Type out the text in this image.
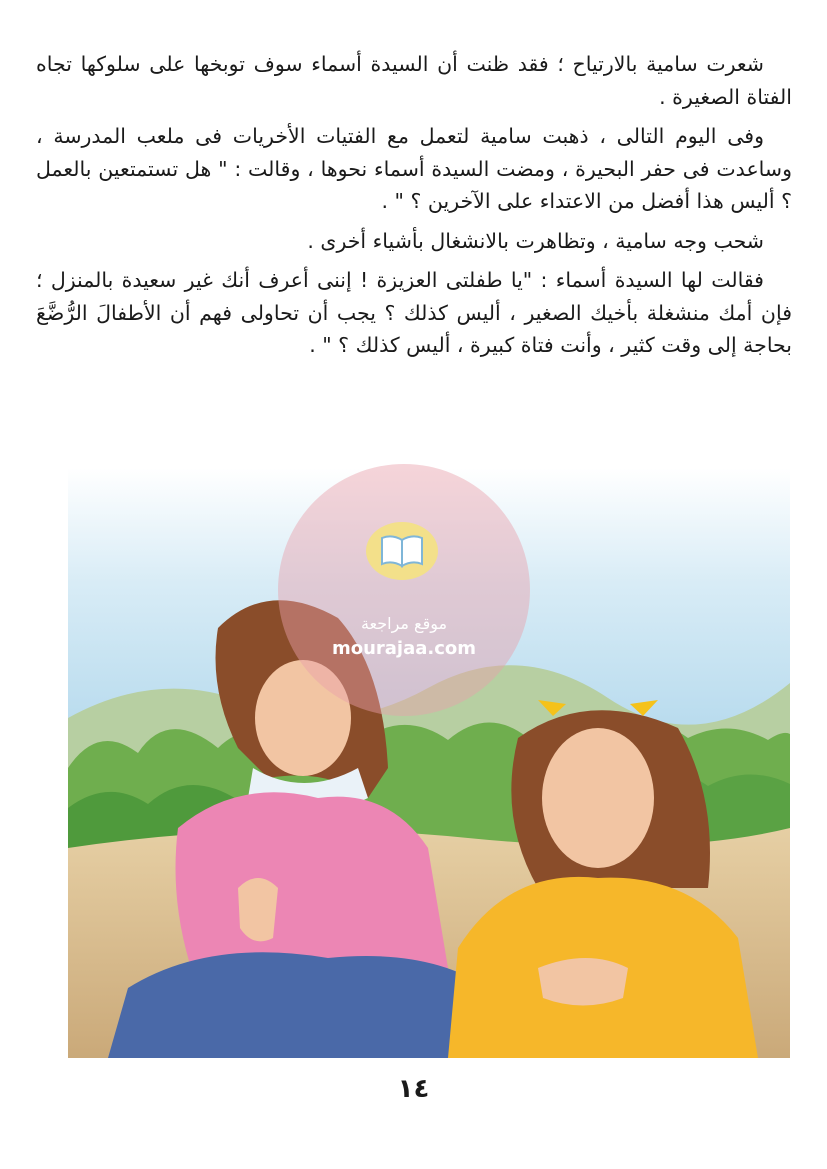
شعرت سامية بالارتياح ؛ فقد ظنت أن السيدة أسماء سوف توبخها على سلوكها تجاه الفتاة الصغيرة .

وفى اليوم التالى ، ذهبت سامية لتعمل مع الفتيات الأخريات فى ملعب المدرسة ، وساعدت فى حفر البحيرة ، ومضت السيدة أسماء نحوها ، وقالت : " هل تستمتعين بالعمل ؟ أليس هذا أفضل من الاعتداء على الآخرين ؟ " .

شحب وجه سامية ، وتظاهرت بالانشغال بأشياء أخرى .

فقالت لها السيدة أسماء : "يا طفلتى العزيزة ! إننى أعرف أنك غير سعيدة بالمنزل ؛ فإن أمك منشغلة بأخيك الصغير ، أليس كذلك ؟ يجب أن تحاولى فهم أن الأطفالَ الرُّضَّعَ بحاجة إلى وقت كثير ، وأنت فتاة كبيرة ، أليس كذلك ؟ " .

موقع مراجعة
mourajaa.com
١٤
